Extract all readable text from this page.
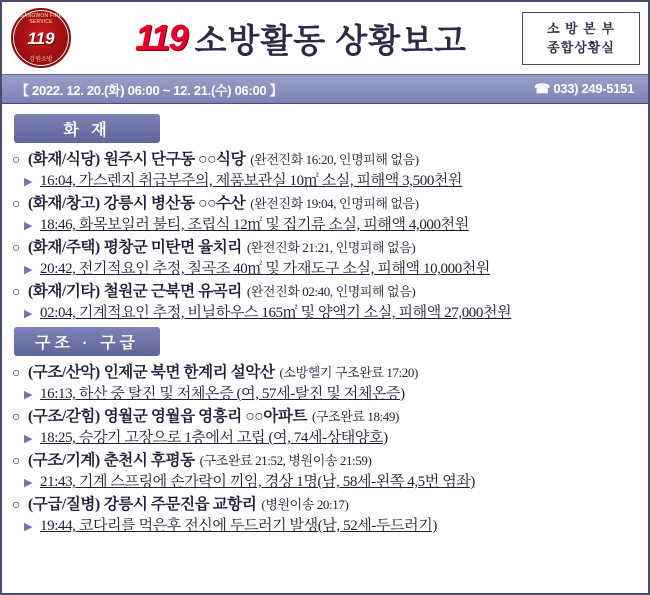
GANGWON FIRE SERVICE
119
강원소방
119 소방활동 상황보고	소 방 본 부
종합상황실
【 2022. 12. 20.(화) 06:00 ~ 12. 21.(수) 06:00 】	☎ 033) 249-5151
화 재
○ (화재/식당) 원주시 단구동 ○○식당 (완전진화 16:20, 인명피해 없음)
▶ 16:04, 가스렌지 취급부주의, 제품보관실 10㎡ 소실, 피해액 3,500천원
○ (화재/창고) 강릉시 병산동 ○○수산 (완전진화 19:04, 인명피해 없음)
▶ 18:46, 화목보일러 불티, 조립식 12㎡ 및 집기류 소실, 피해액 4,000천원
○ (화재/주택) 평창군 미탄면 율치리 (완전진화 21:21, 인명피해 없음)
▶ 20:42, 전기적요인 추정, 칠곡조 40㎡ 및 가재도구 소실, 피해액 10,000천원
○ (화재/기타) 철원군 근북면 유곡리 (완전진화 02:40, 인명피해 없음)
▶ 02:04, 기계적요인 추정, 비닐하우스 165㎡ 및 양액기 소실, 피해액 27,000천원
구조 · 구급
○ (구조/산악) 인제군 북면 한계리 설악산 (소방헬기 구조완료 17:20)
▶ 16:13, 하산 중 탈진 및 저체온증 (여, 57세-탈진 및 저체온증)
○ (구조/갇힘) 영월군 영월읍 영흥리 ○○아파트 (구조완료 18:49)
▶ 18:25, 승강기 고장으로 1층에서 고립 (여, 74세-상태양호)
○ (구조/기계) 춘천시 후평동 (구조완료 21:52, 병원이송 21:59)
▶ 21:43, 기계 스프링에 손가락이 끼임, 경상 1명(남, 58세-왼쪽 4,5번 염좌)
○ (구급/질병) 강릉시 주문진읍 교항리 (병원이송 20:17)
▶ 19:44, 코다리를 먹은후 전신에 두드러기 발생(남, 52세-두드러기)
